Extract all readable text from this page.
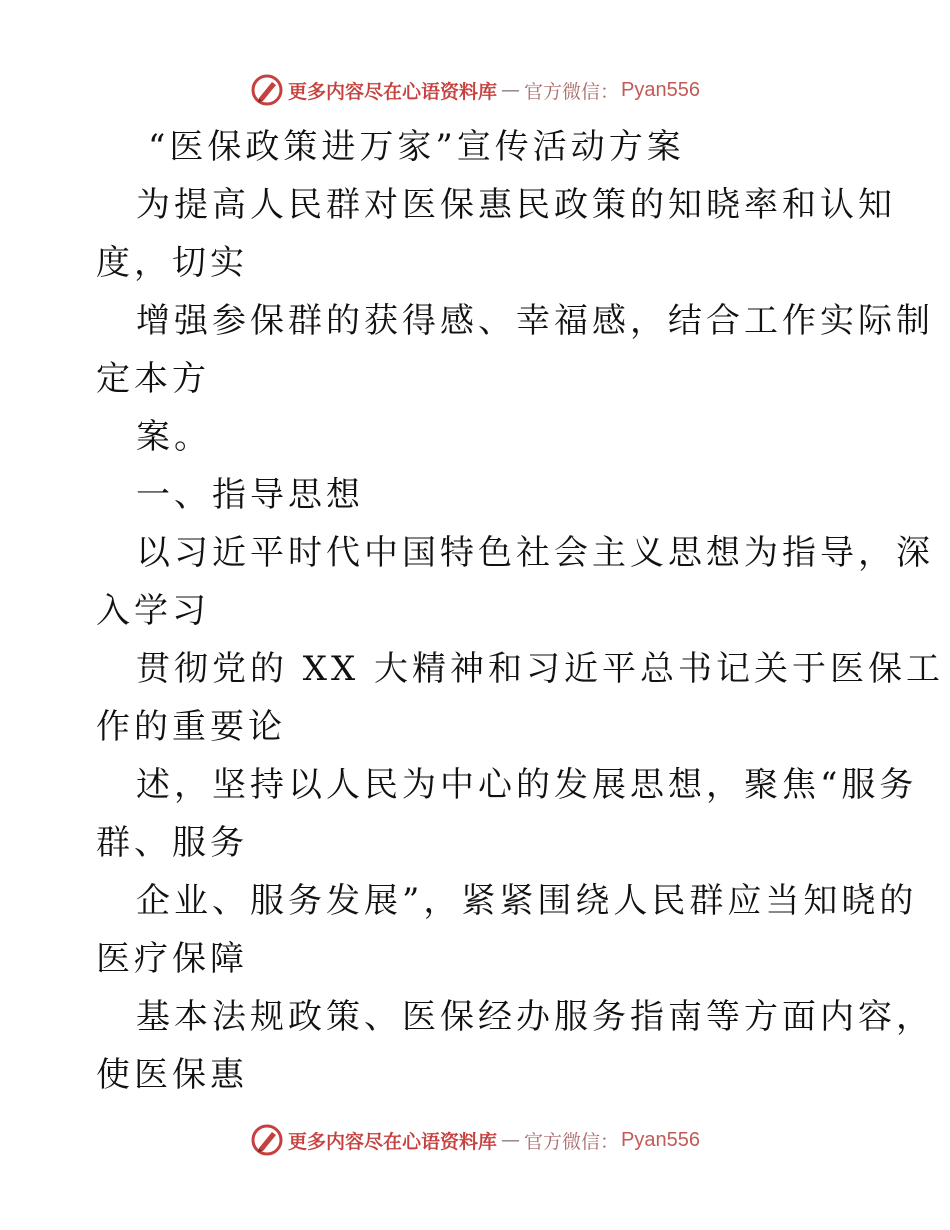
更多内容尽在心语资料库 — 官方微信： Pyan556
“医保政策进万家”宣传活动方案
为提高人民群对医保惠民政策的知晓率和认知
度，切实
增强参保群的获得感、幸福感，结合工作实际制
定本方
案。
一、指导思想
以习近平时代中国特色社会主义思想为指导，深
入学习
贯彻党的 XX 大精神和习近平总书记关于医保工
作的重要论
述，坚持以人民为中心的发展思想，聚焦“服务
群、服务
企业、服务发展”，紧紧围绕人民群应当知晓的
医疗保障
基本法规政策、医保经办服务指南等方面内容，
使医保惠
更多内容尽在心语资料库 — 官方微信： Pyan556
